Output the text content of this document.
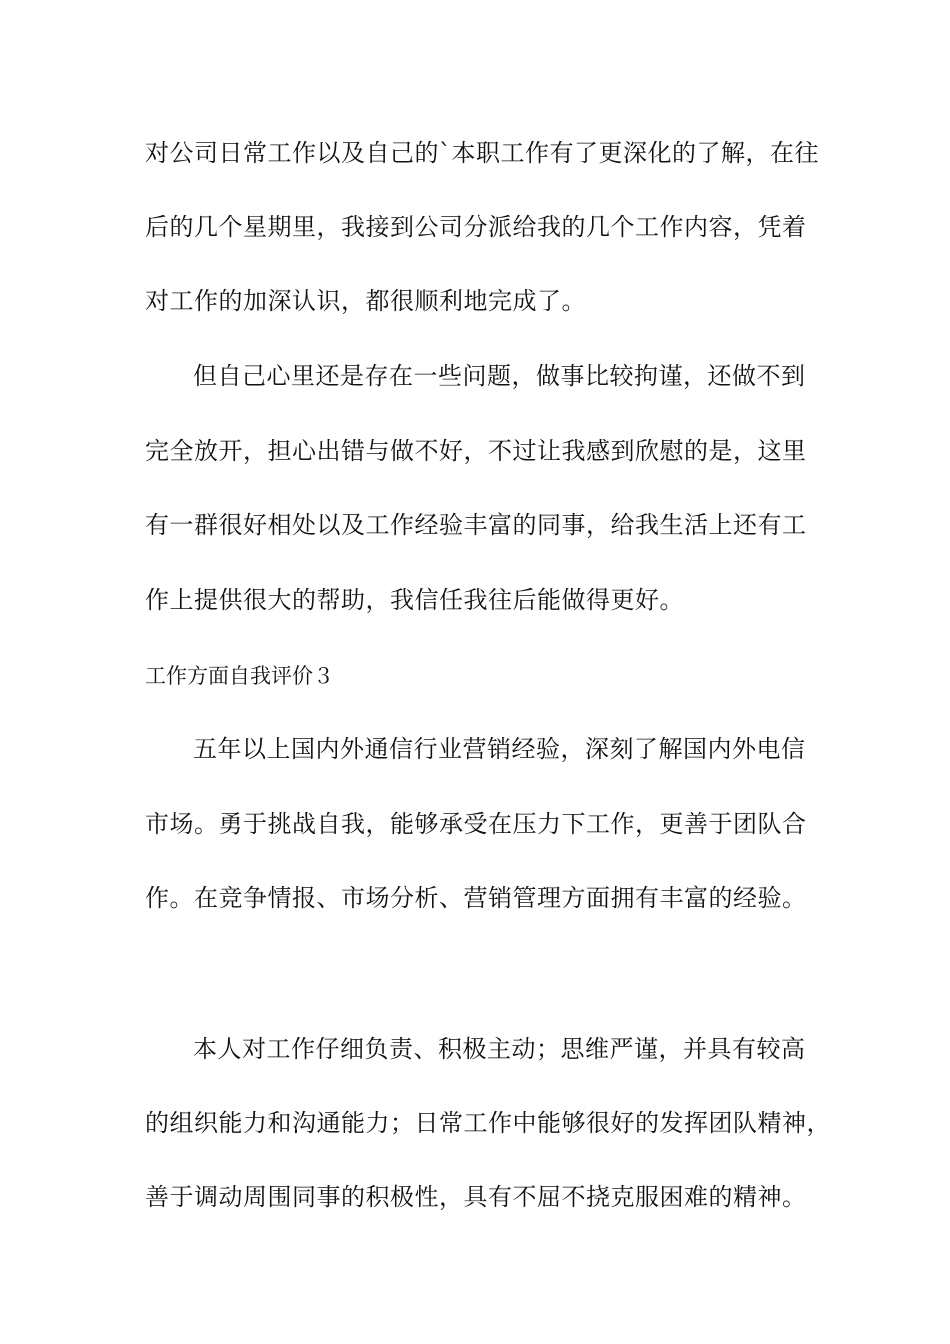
对公司日常工作以及自己的`本职工作有了更深化的了解，在往
后的几个星期里，我接到公司分派给我的几个工作内容，凭着
对工作的加深认识，都很顺利地完成了。
但自己心里还是存在一些问题，做事比较拘谨，还做不到
完全放开，担心出错与做不好，不过让我感到欣慰的是，这里
有一群很好相处以及工作经验丰富的同事，给我生活上还有工
作上提供很大的帮助，我信任我往后能做得更好。
工作方面自我评价３
五年以上国内外通信行业营销经验，深刻了解国内外电信
市场。勇于挑战自我，能够承受在压力下工作，更善于团队合
作。在竞争情报、市场分析、营销管理方面拥有丰富的经验。
本人对工作仔细负责、积极主动；思维严谨，并具有较高
的组织能力和沟通能力；日常工作中能够很好的发挥团队精神，
善于调动周围同事的积极性，具有不屈不挠克服困难的精神。
